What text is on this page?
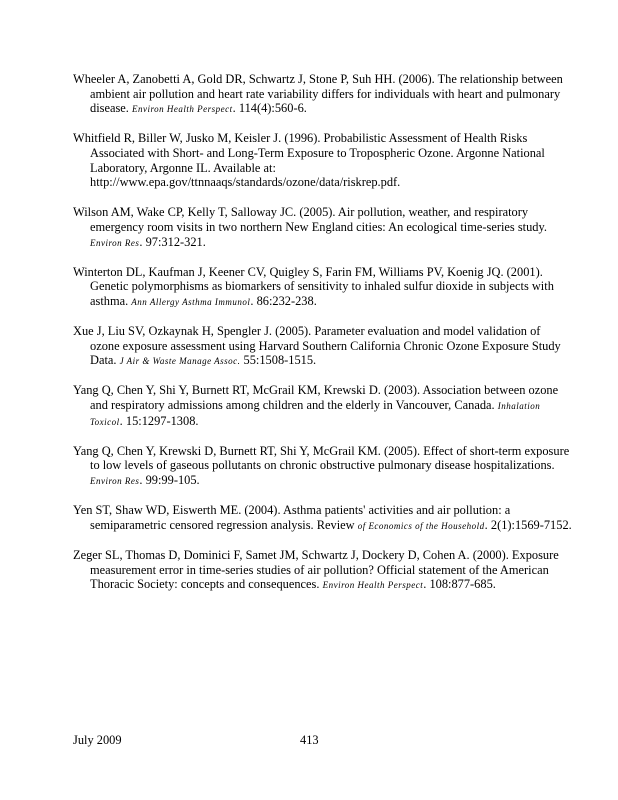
Wheeler A, Zanobetti A, Gold DR, Schwartz J, Stone P, Suh HH. (2006). The relationship between ambient air pollution and heart rate variability differs for individuals with heart and pulmonary disease. Environ Health Perspect. 114(4):560-6.

Whitfield R, Biller W, Jusko M, Keisler J. (1996). Probabilistic Assessment of Health Risks Associated with Short- and Long-Term Exposure to Tropospheric Ozone. Argonne National Laboratory, Argonne IL. Available at: http://www.epa.gov/ttnnaaqs/standards/ozone/data/riskrep.pdf.

Wilson AM, Wake CP, Kelly T, Salloway JC. (2005). Air pollution, weather, and respiratory emergency room visits in two northern New England cities: An ecological time-series study. Environ Res. 97:312-321.

Winterton DL, Kaufman J, Keener CV, Quigley S, Farin FM, Williams PV, Koenig JQ. (2001). Genetic polymorphisms as biomarkers of sensitivity to inhaled sulfur dioxide in subjects with asthma. Ann Allergy Asthma Immunol. 86:232-238.

Xue J, Liu SV, Ozkaynak H, Spengler J. (2005). Parameter evaluation and model validation of ozone exposure assessment using Harvard Southern California Chronic Ozone Exposure Study Data. J Air & Waste Manage Assoc. 55:1508-1515.

Yang Q, Chen Y, Shi Y, Burnett RT, McGrail KM, Krewski D. (2003). Association between ozone and respiratory admissions among children and the elderly in Vancouver, Canada. Inhalation Toxicol. 15:1297-1308.

Yang Q, Chen Y, Krewski D, Burnett RT, Shi Y, McGrail KM. (2005). Effect of short-term exposure to low levels of gaseous pollutants on chronic obstructive pulmonary disease hospitalizations. Environ Res. 99:99-105.

Yen ST, Shaw WD, Eiswerth ME. (2004). Asthma patients' activities and air pollution: a semiparametric censored regression analysis. Review of Economics of the Household. 2(1):1569-7152.

Zeger SL, Thomas D, Dominici F, Samet JM, Schwartz J, Dockery D, Cohen A. (2000). Exposure measurement error in time-series studies of air pollution? Official statement of the American Thoracic Society: concepts and consequences. Environ Health Perspect. 108:877-685.

July 2009	413
